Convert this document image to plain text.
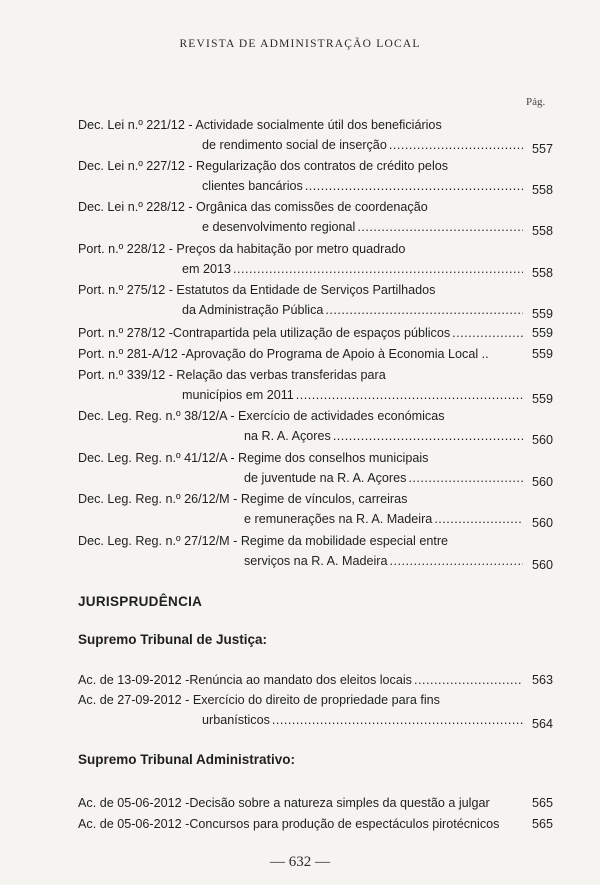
REVISTA DE ADMINISTRAÇÃO LOCAL
Pág.
Dec. Lei n.º 221/12 - Actividade socialmente útil dos beneficiários
de rendimento social de inserção .....	557
Dec. Lei n.º 227/12 - Regularização dos contratos de crédito pelos
clientes bancários .....	558
Dec. Lei n.º 228/12 - Orgânica das comissões de coordenação
e desenvolvimento regional .....	558
Port. n.º 228/12 - Preços da habitação por metro quadrado
em 2013 .....	558
Port. n.º 275/12 - Estatutos da Entidade de Serviços Partilhados
da Administração Pública .....	559
Port. n.º 278/12 - Contrapartida pela utilização de espaços públicos .....	559
Port. n.º 281-A/12 - Aprovação do Programa de Apoio à Economia Local ..	559
Port. n.º 339/12 - Relação das verbas transferidas para
municípios em 2011 .....	559
Dec. Leg. Reg. n.º 38/12/A - Exercício de actividades económicas
na R. A. Açores .....	560
Dec. Leg. Reg. n.º 41/12/A - Regime dos conselhos municipais
de juventude na R. A. Açores .....	560
Dec. Leg. Reg. n.º 26/12/M - Regime de vínculos, carreiras
e remunerações na R. A. Madeira .....	560
Dec. Leg. Reg. n.º 27/12/M - Regime da mobilidade especial entre
serviços na R. A. Madeira .....	560
JURISPRUDÊNCIA
Supremo Tribunal de Justiça:
Ac. de 13-09-2012 - Renúncia ao mandato dos eleitos locais .....	563
Ac. de 27-09-2012 - Exercício do direito de propriedade para fins
urbanísticos .....	564
Supremo Tribunal Administrativo:
Ac. de 05-06-2012 - Decisão sobre a natureza simples da questão a julgar	565
Ac. de 05-06-2012 - Concursos para produção de espectáculos pirotécnicos	565
— 632 —
